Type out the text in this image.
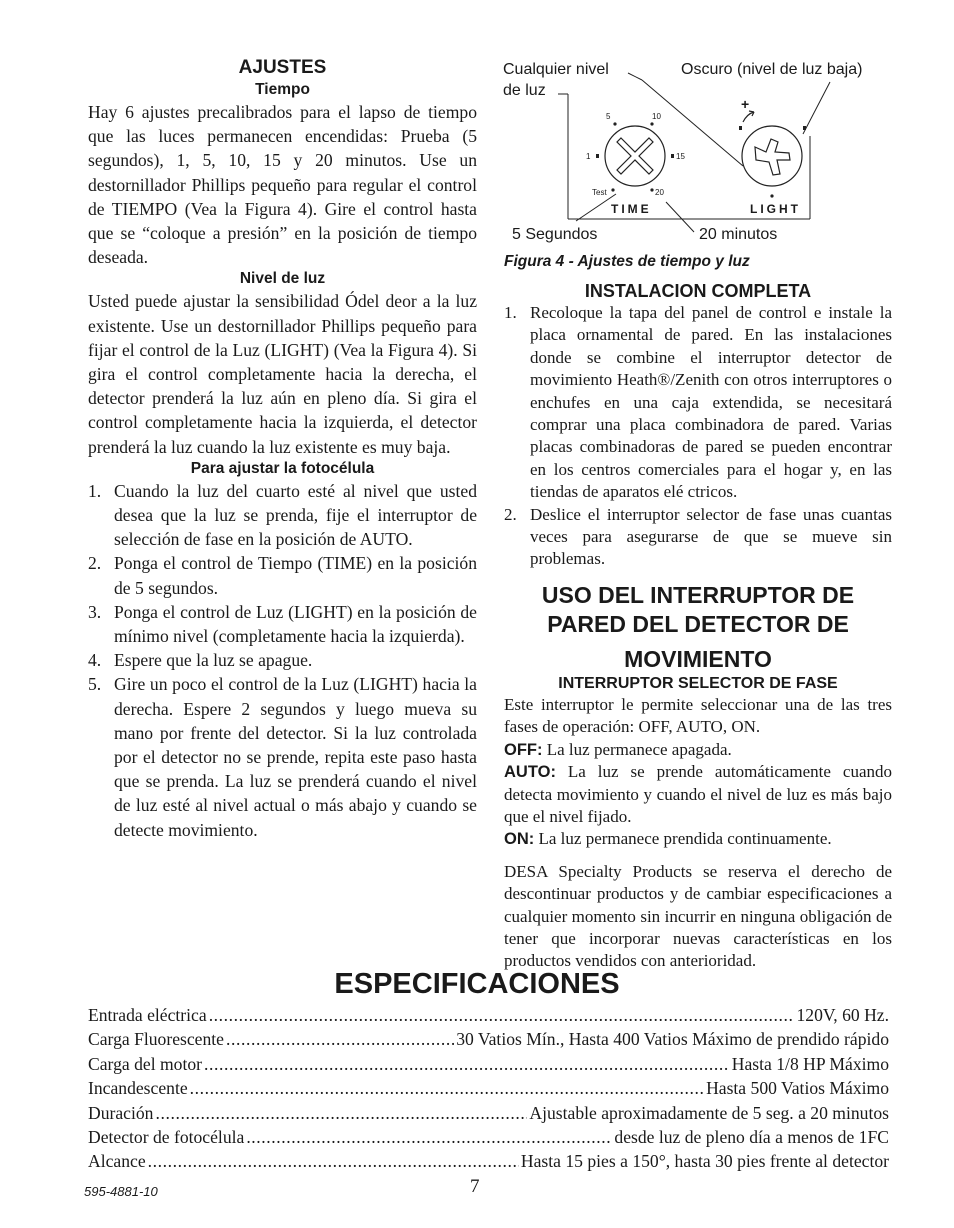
AJUSTES
Tiempo

Hay 6 ajustes precalibrados para el lapso de tiempo que las luces permanecen encendidas: Prueba (5 segundos), 1, 5, 10, 15 y 20 minutos. Use un destornillador Phillips pequeño para regular el control de TIEMPO (Vea la Figura 4). Gire el control hasta que se “coloque a presión” en la posición de tiempo deseada.

Nivel de luz

Usted puede ajustar la sensibilidad Ódel deor a la luz existente. Use un destornillador Phillips pequeño para fijar el control de la Luz (LIGHT) (Vea la Figura 4). Si gira el control completamente hacia la derecha, el detector prenderá la luz aún en pleno día. Si gira el control completamente hacia la izquierda, el detector prenderá la luz cuando la luz existente es muy baja.

Para ajustar la fotocélula
1. Cuando la luz del cuarto esté al nivel que usted desea que la luz se prenda, fije el interruptor de selección de fase en la posición de AUTO.
2. Ponga el control de Tiempo (TIME) en la posición de 5 segundos.
3. Ponga el control de Luz (LIGHT) en la posición de mínimo nivel (completamente hacia la izquierda).
4. Espere que la luz se apague.
5. Gire un poco el control de la Luz (LIGHT) hacia la derecha. Espere 2 segundos y luego mueva su mano por frente del detector. Si la luz controlada por el detector no se prende, repita este paso hasta que se prenda. La luz se prenderá cuando el nivel de luz esté al nivel actual o más abajo y cuando se detecte movimiento.
Cualquier nivel
de luz
Oscuro (nivel de luz baja)
5	10
1	15
Test	20
+
TIME	LIGHT
5 Segundos	20 minutos
Figura 4 - Ajustes de tiempo y luz
INSTALACION COMPLETA
1. Recoloque la tapa del panel de control e instale la placa ornamental de pared. En las instalaciones donde se combine el interruptor detector de movimiento Heath®/Zenith con otros interruptores o enchufes en una caja extendida, se necesitará comprar una placa combinadora de pared. Varias placas combinadoras de pared se pueden encontrar en los centros comerciales para el hogar y, en las tiendas de aparatos elé ctricos.
2. Deslice el interruptor selector de fase unas cuantas veces para asegurarse de que se mueve sin problemas.
USO DEL INTERRUPTOR DE
PARED DEL DETECTOR DE
MOVIMIENTO
INTERRUPTOR SELECTOR DE FASE

Este interruptor le permite seleccionar una de las tres fases de operación: OFF, AUTO, ON.

OFF: La luz permanece apagada.

AUTO: La luz se prende automáticamente cuando detecta movimiento y cuando el nivel de luz es más bajo que el nivel fijado.

ON: La luz permanece prendida continuamente.

DESA Specialty Products se reserva el derecho de descontinuar productos y de cambiar especificaciones a cualquier momento sin incurrir en ninguna obligación de tener que incorporar nuevas características en los productos vendidos con anterioridad.

ESPECIFICACIONES
Entrada eléctrica .....	120V, 60 Hz.
Carga Fluorescente .....	30 Vatios Mín., Hasta 400 Vatios Máximo de prendido rápido
Carga del motor .....	Hasta 1/8 HP Máximo
Incandescente .....	Hasta 500 Vatios Máximo
Duración .....	Ajustable aproximadamente de 5 seg. a 20 minutos
Detector de fotocélula .....	desde luz de pleno día a menos de 1FC
Alcance .....	Hasta 15 pies a 150°, hasta 30 pies frente al detector
595-4881-10	7
